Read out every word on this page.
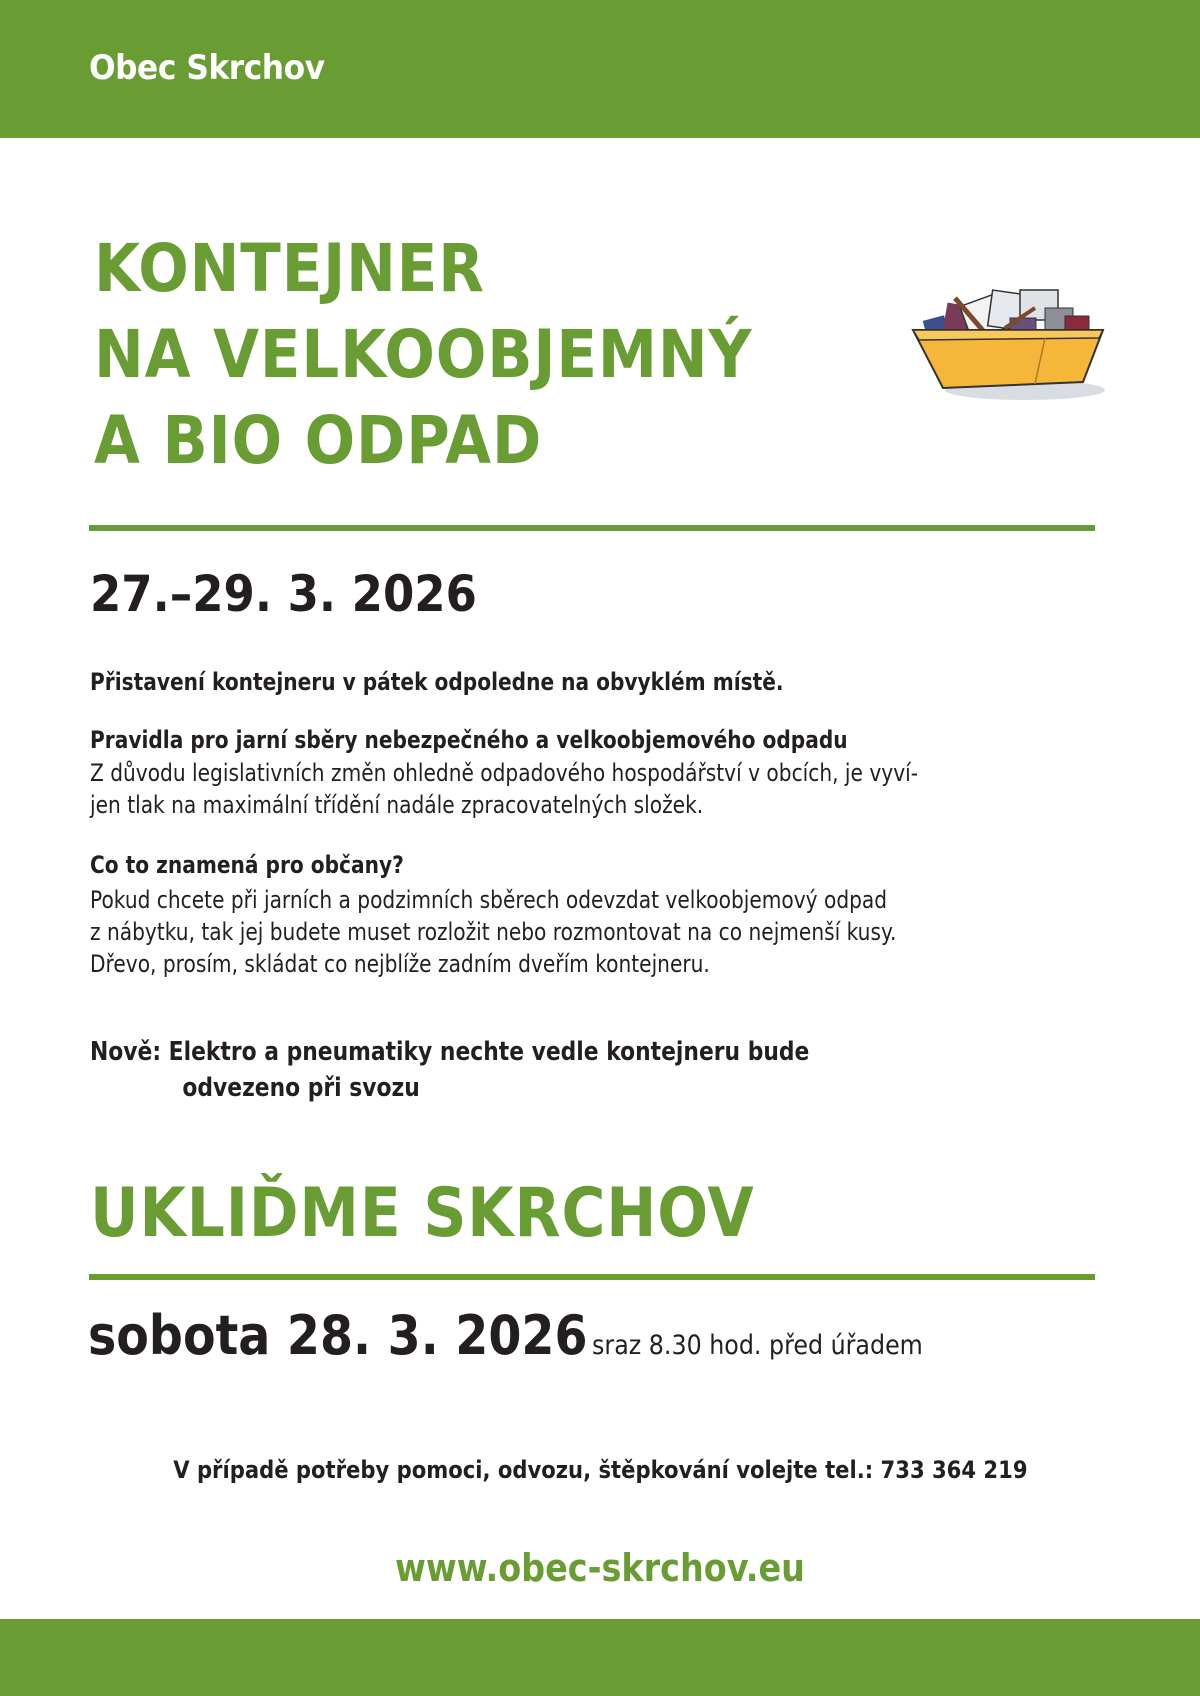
Obec Skrchov
KONTEJNER
NA VELKOOBJEMNÝ
A BIO ODPAD
27.–29. 3. 2026
Přistavení kontejneru v pátek odpoledne na obvyklém místě.
Pravidla pro jarní sběry nebezpečného a velkoobjemového odpadu
Z důvodu legislativních změn ohledně odpadového hospodářství v obcích, je vyví-
jen tlak na maximální třídění nadále zpracovatelných složek.
Co to znamená pro občany?
Pokud chcete při jarních a podzimních sběrech odevzdat velkoobjemový odpad
z nábytku, tak jej budete muset rozložit nebo rozmontovat na co nejmenší kusy.
Dřevo, prosím, skládat co nejblíže zadním dveřím kontejneru.
Nově: Elektro a pneumatiky nechte vedle kontejneru bude
odvezeno při svozu
UKLIĎME SKRCHOV
sobota 28. 3. 2026 sraz 8.30 hod. před úřadem
V případě potřeby pomoci, odvozu, štěpkování volejte tel.: 733 364 219
www.obec-skrchov.eu
